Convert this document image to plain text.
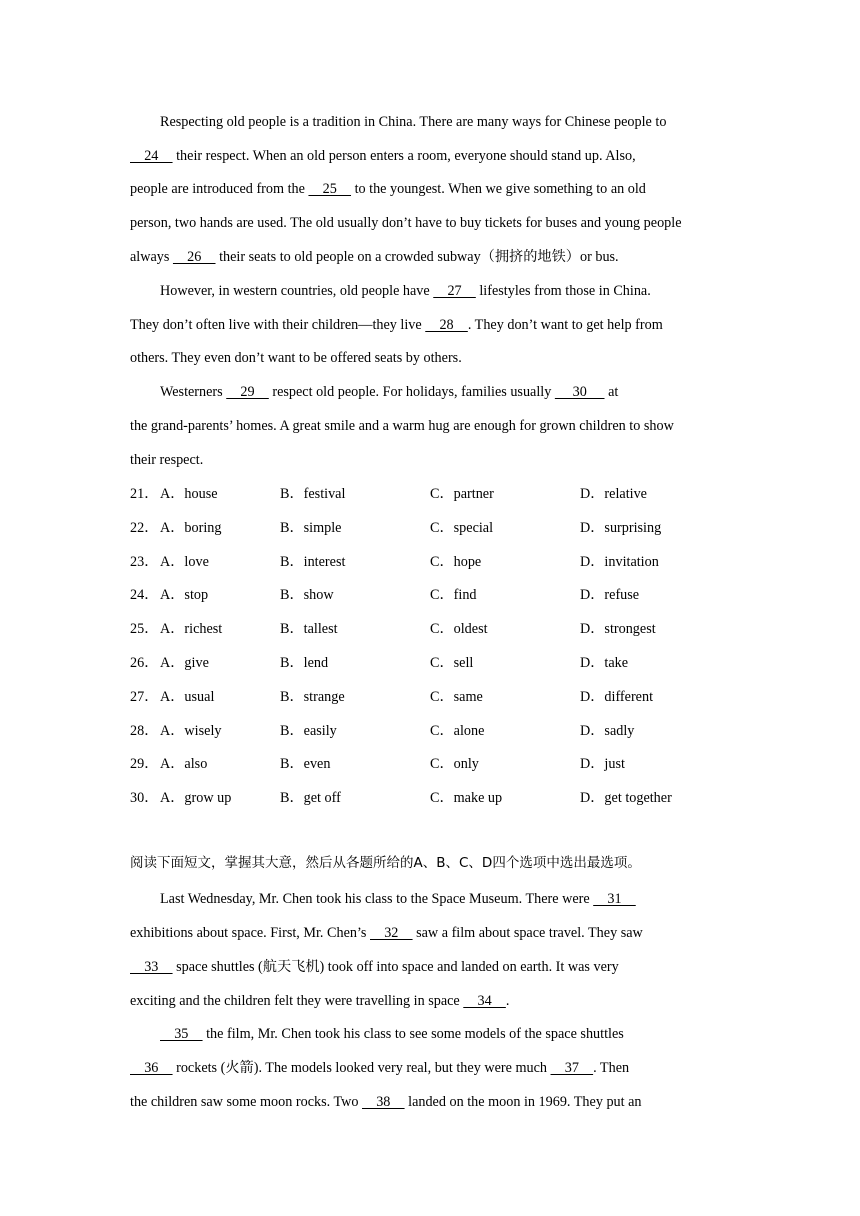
Respecting old people is a tradition in China. There are many ways for Chinese people to
24     their respect. When an old person enters a room, everyone should stand up. Also,
people are introduced from the     25     to the youngest. When we give something to an old
person, two hands are used. The old usually don’t have to buy tickets for buses and young people
always     26     their seats to old people on a crowded subway（拥挤的地铁）or bus.
However, in western countries, old people have     27     lifestyles from those in China.
They don’t often live with their children—they live     28    . They don’t want to get help from
others. They even don’t want to be offered seats by others.
Westerners     29     respect old people. For holidays, families usually      30      at
the grand-parents’ homes. A great smile and a warm hug are enough for grown children to show
their respect.
21． A．house	B．festival	C．partner	D．relative
22． A．boring	B．simple	C．special	D．surprising
23． A．love	B．interest	C．hope	D．invitation
24． A．stop	B．show	C．find	D．refuse
25． A．richest	B．tallest	C．oldest	D．strongest
26． A．give	B．lend	C．sell	D．take
27． A．usual	B．strange	C．same	D．different
28． A．wisely	B．easily	C．alone	D．sadly
29． A．also	B．even	C．only	D．just
30． A．grow up	B．get off	C．make up	D．get together
阅读下面短文，掌握其大意，然后从各题所给的A、B、C、D四个选项中选出最选项。
Last Wednesday, Mr. Chen took his class to the Space Museum. There were     31
exhibitions about space. First, Mr. Chen’s     32     saw a film about space travel. They saw
33     space shuttles (航天飞机) took off into space and landed on earth. It was very
exciting and the children felt they were travelling in space     34    .
35     the film, Mr. Chen took his class to see some models of the space shuttles
36     rockets (火箭). The models looked very real, but they were much     37    . Then
the children saw some moon rocks. Two     38     landed on the moon in 1969. They put an
